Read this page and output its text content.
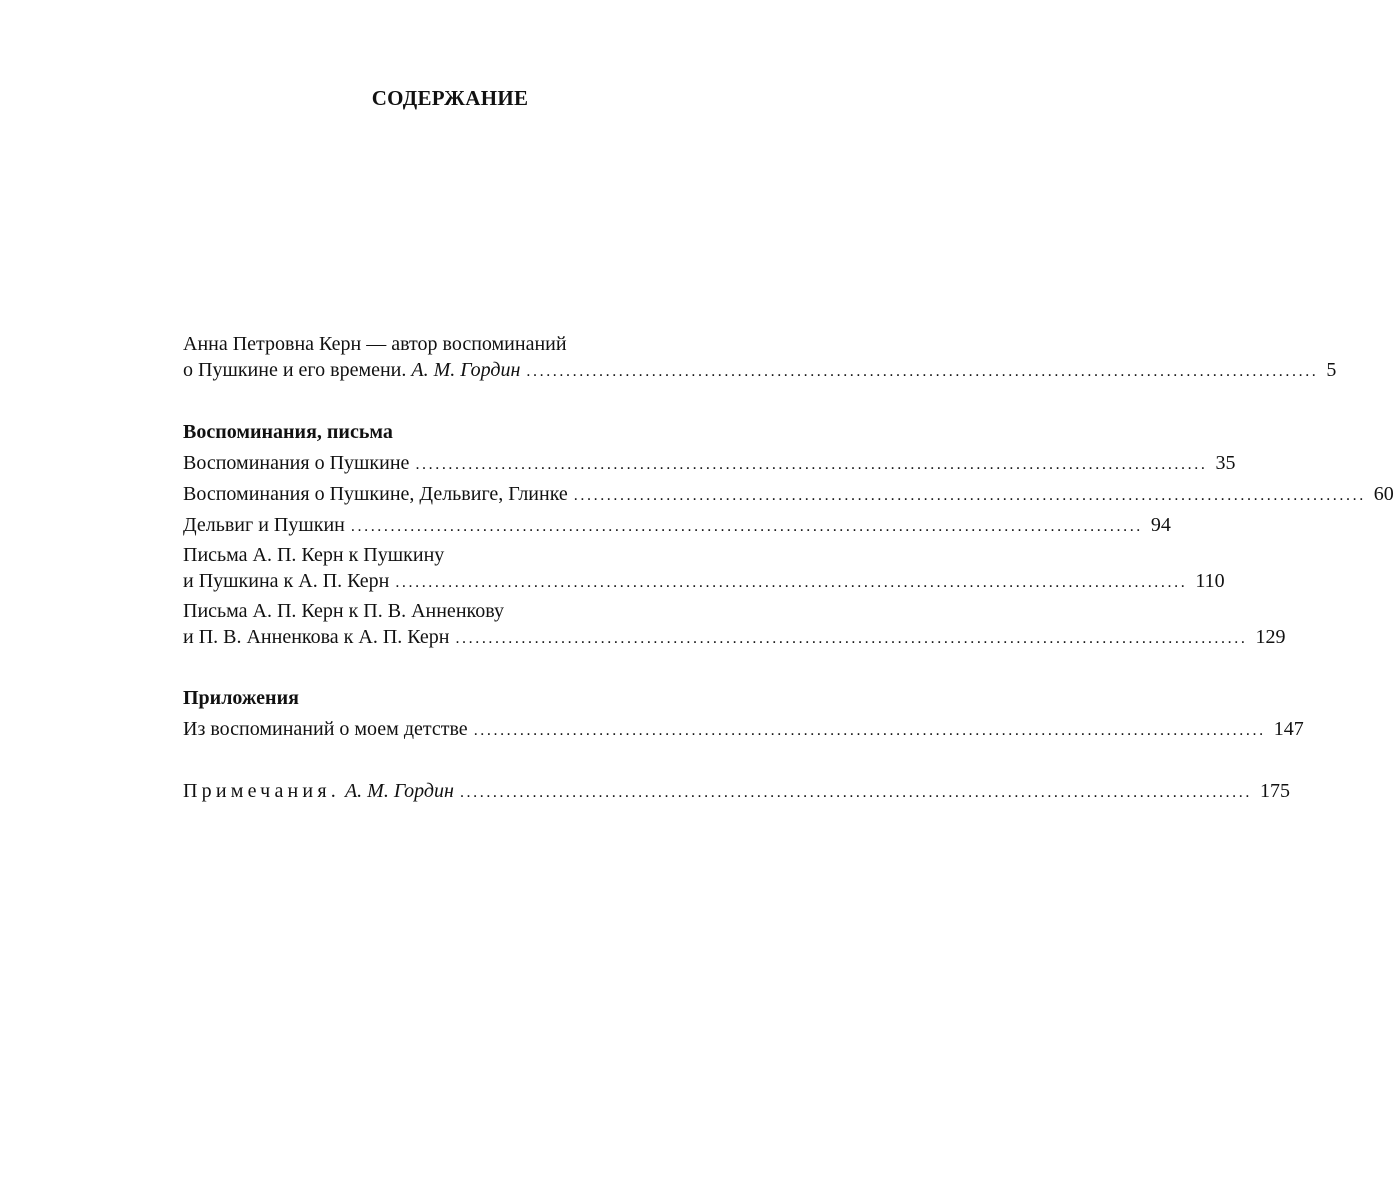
СОДЕРЖАНИЕ
Анна Петровна Керн — автор воспоминаний
о Пушкине и его времени. А. М. Гордин ........................................................................................................................ 5
Воспоминания, письма
Воспоминания о Пушкине ........................................................................................................................ 35
Воспоминания о Пушкине, Дельвиге, Глинке ........................................................................................................................ 60
Дельвиг и Пушкин ........................................................................................................................ 94
Письма А. П. Керн к Пушкину
и Пушкина к А. П. Керн ........................................................................................................................ 110
Письма А. П. Керн к П. В. Анненкову
и П. В. Анненкова к А. П. Керн ........................................................................................................................ 129
Приложения
Из воспоминаний о моем детстве ........................................................................................................................ 147
Примечания. А. М. Гордин ........................................................................................................................ 175
